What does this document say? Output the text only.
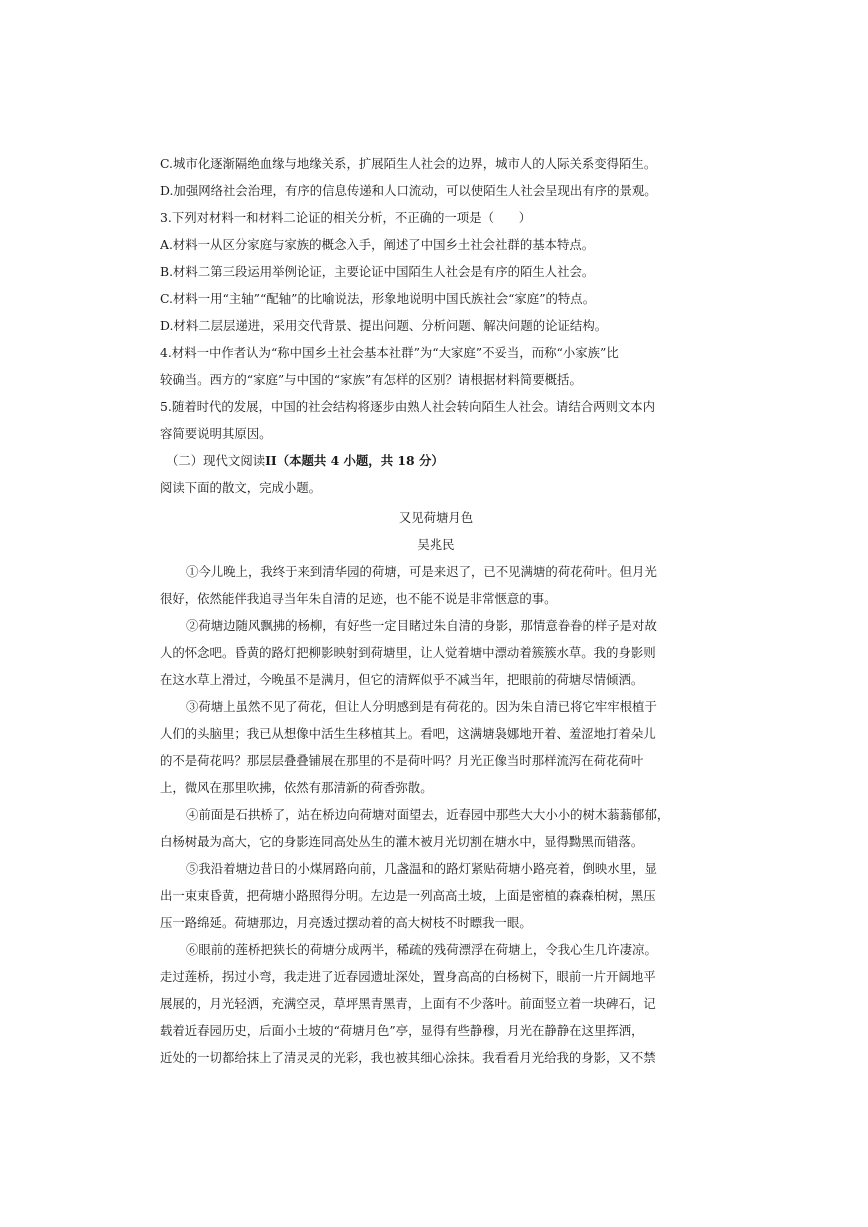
C.城市化逐渐隔绝血缘与地缘关系，扩展陌生人社会的边界，城市人的人际关系变得陌生。
D.加强网络社会治理，有序的信息传递和人口流动，可以使陌生人社会呈现出有序的景观。
3.下列对材料一和材料二论证的相关分析，不正确的一项是（　　）
A.材料一从区分家庭与家族的概念入手，阐述了中国乡土社会社群的基本特点。
B.材料二第三段运用举例论证，主要论证中国陌生人社会是有序的陌生人社会。
C.材料一用“主轴”“配轴”的比喻说法，形象地说明中国氏族社会“家庭”的特点。
D.材料二层层递进，采用交代背景、提出问题、分析问题、解决问题的论证结构。
4.材料一中作者认为“称中国乡土社会基本社群”为“大家庭”不妥当，而称“小家族”比
较确当。西方的“家庭”与中国的“家族”有怎样的区别？请根据材料简要概括。
5.随着时代的发展，中国的社会结构将逐步由熟人社会转向陌生人社会。请结合两则文本内
容简要说明其原因。
（二）现代文阅读II（本题共 4 小题，共 18 分）
阅读下面的散文，完成小题。
又见荷塘月色
吴兆民
①今儿晚上，我终于来到清华园的荷塘，可是来迟了，已不见满塘的荷花荷叶。但月光
很好，依然能伴我追寻当年朱自清的足迹，也不能不说是非常惬意的事。
②荷塘边随风飘拂的杨柳，有好些一定目睹过朱自清的身影，那情意眷眷的样子是对故
人的怀念吧。昏黄的路灯把柳影映射到荷塘里，让人觉着塘中漂动着簇簇水草。我的身影则
在这水草上滑过，今晚虽不是满月，但它的清辉似乎不减当年，把眼前的荷塘尽情倾洒。
③荷塘上虽然不见了荷花，但让人分明感到是有荷花的。因为朱自清已将它牢牢根植于
人们的头脑里；我已从想像中活生生移植其上。看吧，这满塘袅娜地开着、羞涩地打着朵儿
的不是荷花吗？那层层叠叠铺展在那里的不是荷叶吗？月光正像当时那样流泻在荷花荷叶
上，微风在那里吹拂，依然有那清新的荷香弥散。
④前面是石拱桥了，站在桥边向荷塘对面望去，近春园中那些大大小小的树木蓊蓊郁郁，
白杨树最为高大，它的身影连同高处丛生的灌木被月光切割在塘水中，显得黝黑而错落。
⑤我沿着塘边昔日的小煤屑路向前，几盏温和的路灯紧贴荷塘小路亮着，倒映水里，显
出一束束昏黄，把荷塘小路照得分明。左边是一列高高土坡，上面是密植的森森柏树，黑压
压一路绵延。荷塘那边，月亮透过摆动着的高大树枝不时瞟我一眼。
⑥眼前的莲桥把狭长的荷塘分成两半，稀疏的残荷漂浮在荷塘上，令我心生几许凄凉。
走过莲桥，拐过小弯，我走进了近春园遗址深处，置身高高的白杨树下，眼前一片开阔地平
展展的，月光轻洒，充满空灵，草坪黑青黑青，上面有不少落叶。前面竖立着一块碑石，记
载着近春园历史，后面小土坡的“荷塘月色”亭，显得有些静穆，月光在静静在这里挥洒，
近处的一切都给抹上了清灵灵的光彩，我也被其细心涂抹。我看看月光给我的身影，又不禁
